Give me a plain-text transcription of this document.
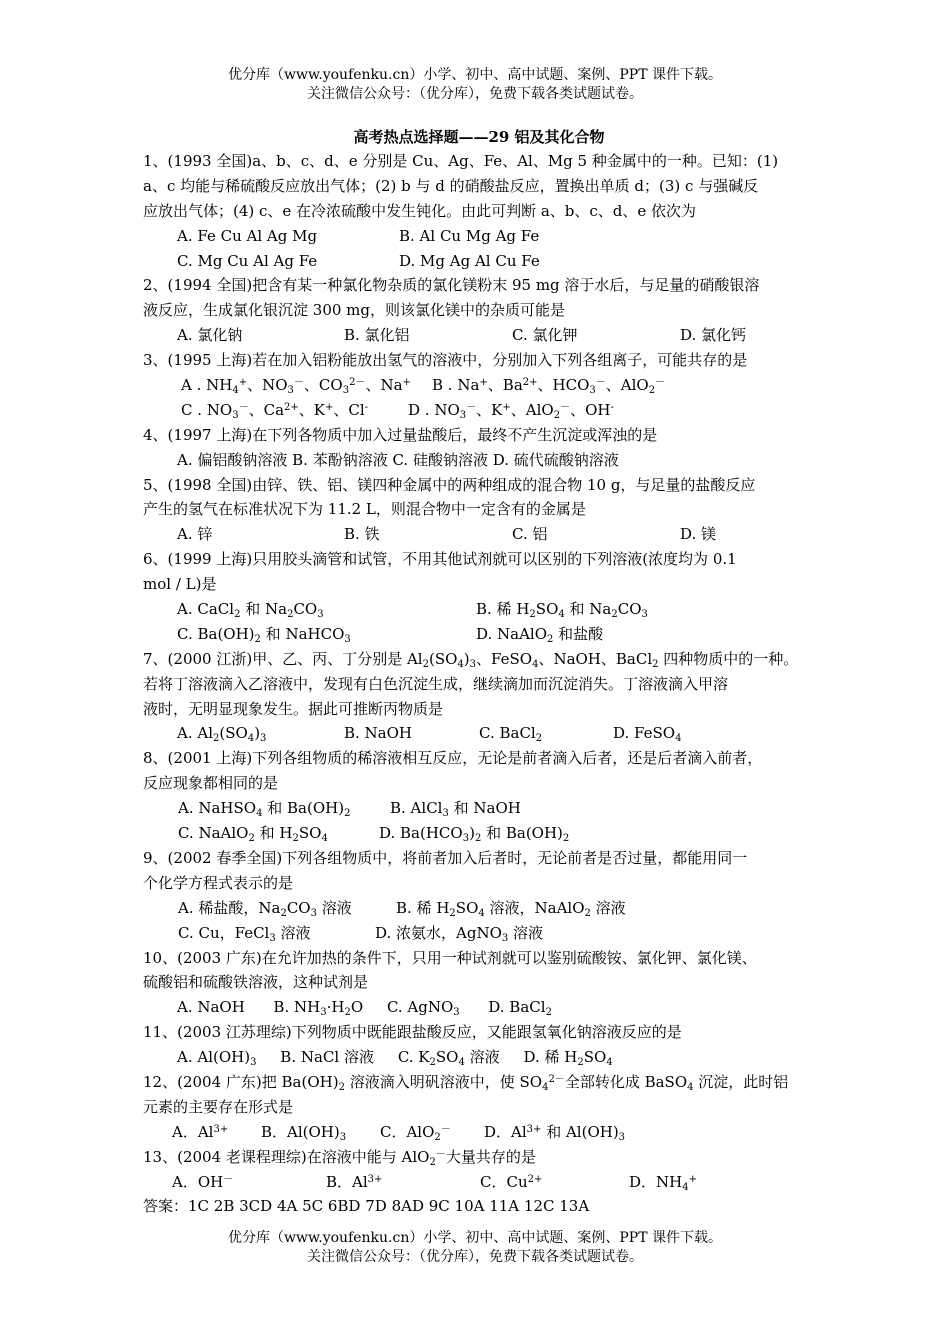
优分库（www.youfenku.cn）小学、初中、高中试题、案例、PPT 课件下载。
关注微信公众号：（优分库），免费下载各类试题试卷。
高考热点选择题——29 铝及其化合物
1、(1993 全国)a、b、c、d、e 分别是 Cu、Ag、Fe、Al、Mg 5 种金属中的一种。已知：(1)
a、c 均能与稀硫酸反应放出气体；(2) b 与 d 的硝酸盐反应，置换出单质 d；(3) c 与强碱反
应放出气体；(4) c、e 在冷浓硫酸中发生钝化。由此可判断 a、b、c、d、e 依次为
A. Fe Cu Al Ag Mg	B. Al Cu Mg Ag Fe
C. Mg Cu Al Ag Fe	D. Mg Ag Al Cu Fe
2、(1994 全国)把含有某一种氯化物杂质的氯化镁粉末 95 mg 溶于水后，与足量的硝酸银溶
液反应，生成氯化银沉淀 300 mg，则该氯化镁中的杂质可能是
A. 氯化钠	B. 氯化铝	C. 氯化钾	D. 氯化钙
3、(1995 上海)若在加入铝粉能放出氢气的溶液中，分别加入下列各组离子，可能共存的是
A . $NH_4^+$、$NO_3^-$、$CO_3^{2-}$、Na+ B . Na+、$Ba^{2+}$、$HCO_3^-$、AlO$_2$－
C . $NO_3^-$、$Ca^{2+}$、K+、Cl-	D . $NO_3^-$、K+、AlO$_2$－、OH-
4、(1997 上海)在下列各物质中加入过量盐酸后，最终不产生沉淀或浑浊的是
A. 偏铝酸钠溶液 B. 苯酚钠溶液 C. 硅酸钠溶液 D. 硫代硫酸钠溶液
5、(1998 全国)由锌、铁、铝、镁四种金属中的两种组成的混合物 10 g，与足量的盐酸反应
产生的氢气在标准状况下为 11.2 L，则混合物中一定含有的金属是
A. 锌	B. 铁	C. 铝	D. 镁
6、(1999 上海)只用胶头滴管和试管，不用其他试剂就可以区别的下列溶液(浓度均为 0.1
mol / L)是
A. CaCl$_2$ 和 $Na_2CO_3$	B. 稀 $H_2SO_4$ 和 $Na_2CO_3$
C. $Ba(OH)_2$ 和 NaHCO$_3$	D. NaAlO$_2$ 和盐酸
7、(2000 江浙)甲、乙、丙、丁分别是 $Al_2(SO_4)_3$、FeSO$_4$、NaOH、BaCl$_2$ 四种物质中的一种。
若将丁溶液滴入乙溶液中，发现有白色沉淀生成，继续滴加而沉淀消失。丁溶液滴入甲溶
液时，无明显现象发生。据此可推断丙物质是
A. $Al_2(SO_4)_3$	B. NaOH	C. BaCl$_2$	D. FeSO$_4$
8、(2001 上海)下列各组物质的稀溶液相互反应，无论是前者滴入后者，还是后者滴入前者，
反应现象都相同的是
A. NaHSO$_4$ 和 $Ba(OH)_2$	B. AlCl$_3$ 和 NaOH
C. NaAlO$_2$ 和 $H_2SO_4$	D. $Ba(HCO_3)_2$ 和 $Ba(OH)_2$
9、(2002 春季全国)下列各组物质中，将前者加入后者时，无论前者是否过量，都能用同一
个化学方程式表示的是
A. 稀盐酸，$Na_2CO_3$ 溶液	B. 稀 $H_2SO_4$ 溶液，NaAlO$_2$ 溶液
C. Cu，FeCl$_3$ 溶液	D. 浓氨水，AgNO$_3$ 溶液
10、(2003 广东)在允许加热的条件下，只用一种试剂就可以鉴别硫酸铵、氯化钾、氯化镁、
硫酸铝和硫酸铁溶液，这种试剂是
A. NaOH      B. $NH_3\cdot H_2O$     C. AgNO$_3$      D. BaCl$_2$
11、(2003 江苏理综)下列物质中既能跟盐酸反应，又能跟氢氧化钠溶液反应的是
A. $Al(OH)_3$     B. NaCl 溶液     C. $K_2SO_4$ 溶液     D. 稀 $H_2SO_4$
12、(2004 广东)把 $Ba(OH)_2$ 溶液滴入明矾溶液中，使 $SO_4^{2-}$全部转化成 BaSO$_4$ 沉淀，此时铝
元素的主要存在形式是
A．$Al^{3+}$ B．$Al(OH)_3$ C．AlO$_2$－ D．$Al^{3+}$ 和 $Al(OH)_3$
13、(2004 老课程理综)在溶液中能与 AlO$_2$－大量共存的是
A．OH－	B．$Al^{3+}$	C．$Cu^{2+}$	D．$NH_4^+$
答案：1C 2B 3CD 4A 5C 6BD 7D 8AD 9C 10A 11A 12C 13A
优分库（www.youfenku.cn）小学、初中、高中试题、案例、PPT 课件下载。
关注微信公众号：（优分库），免费下载各类试题试卷。
